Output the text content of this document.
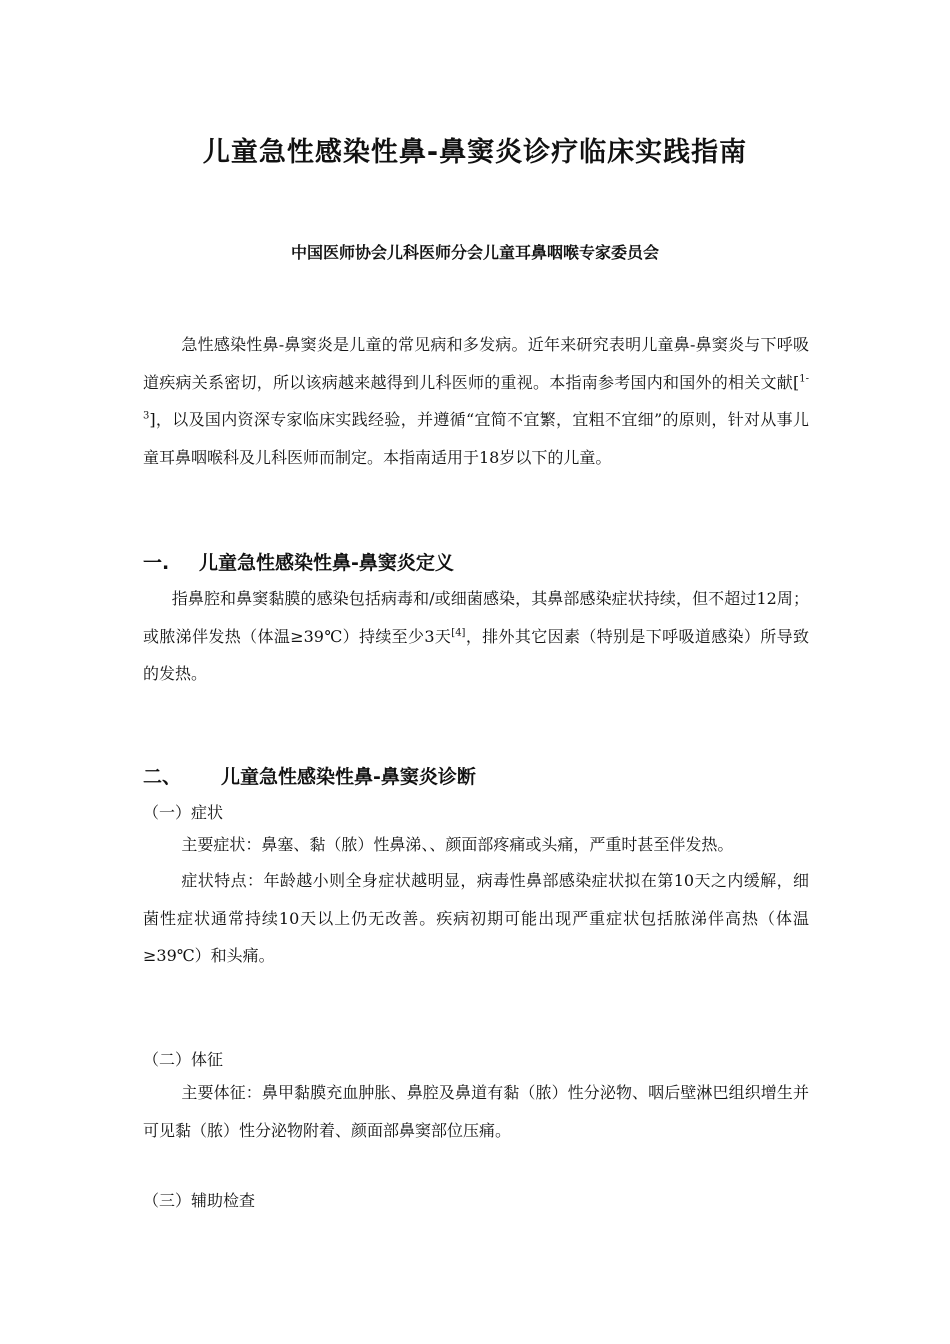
儿童急性感染性鼻-鼻窦炎诊疗临床实践指南
中国医师协会儿科医师分会儿童耳鼻咽喉专家委员会

急性感染性鼻-鼻窦炎是儿童的常见病和多发病。近年来研究表明儿童鼻-鼻窦炎与下呼吸道疾病关系密切，所以该病越来越得到儿科医师的重视。本指南参考国内和国外的相关文献[$^{1-3}$]，以及国内资深专家临床实践经验，并遵循“宜简不宜繁，宜粗不宜细”的原则，针对从事儿童耳鼻咽喉科及儿科医师而制定。本指南适用于18岁以下的儿童。

一. 儿童急性感染性鼻-鼻窦炎定义

指鼻腔和鼻窦黏膜的感染包括病毒和/或细菌感染，其鼻部感染症状持续，但不超过12周；或脓涕伴发热（体温≥39℃）持续至少3天[4]，排外其它因素（特别是下呼吸道感染）所导致的发热。

二、 儿童急性感染性鼻-鼻窦炎诊断
（一）症状

主要症状：鼻塞、黏（脓）性鼻涕、、颜面部疼痛或头痛，严重时甚至伴发热。

症状特点：年龄越小则全身症状越明显，病毒性鼻部感染症状拟在第10天之内缓解，细菌性症状通常持续10天以上仍无改善。疾病初期可能出现严重症状包括脓涕伴高热（体温≥39℃）和头痛。

（二）体征

主要体征：鼻甲黏膜充血肿胀、鼻腔及鼻道有黏（脓）性分泌物、咽后壁淋巴组织增生并可见黏（脓）性分泌物附着、颜面部鼻窦部位压痛。

（三）辅助检查
